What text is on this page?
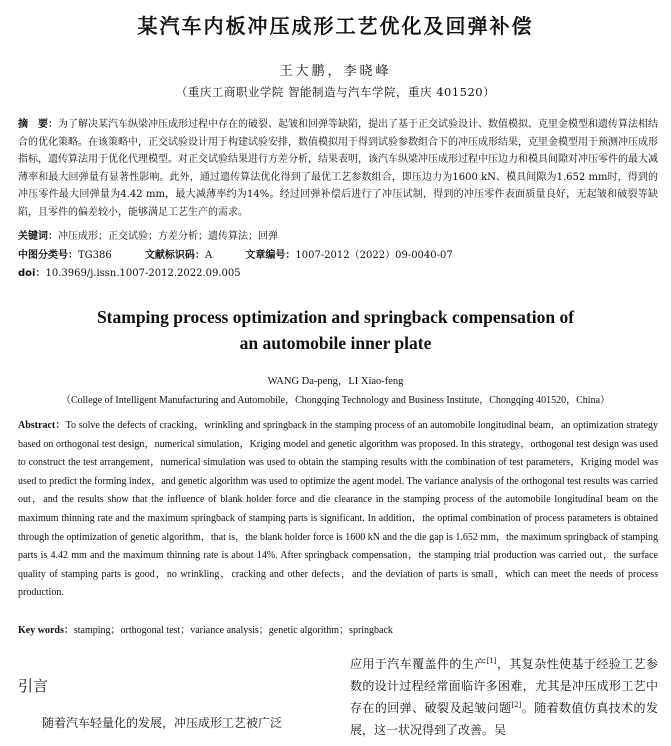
某汽车内板冲压成形工艺优化及回弹补偿
王大鹏，李晓峰
（重庆工商职业学院 智能制造与汽车学院，重庆 401520）
摘　要：为了解决某汽车纵梁冲压成形过程中存在的破裂、起皱和回弹等缺陷，提出了基于正交试验设计、数值模拟、克里金模型和遗传算法相结合的优化策略。在该策略中，正交试验设计用于构建试验安排，数值模拟用于得到试验参数组合下的冲压成形结果，克里金模型用于预测冲压成形指标，遗传算法用于优化代理模型。对正交试验结果进行方差分析，结果表明，该汽车纵梁冲压成形过程中压边力和模具间隙对冲压零件的最大减薄率和最大回弹量有显著性影响。此外，通过遗传算法优化得到了最优工艺参数组合，即压边力为1600 kN、模具间隙为1.652 mm时，得到的冲压零件最大回弹量为4.42 mm，最大减薄率约为14%。经过回弹补偿后进行了冲压试制，得到的冲压零件表面质量良好，无起皱和破裂等缺陷，且零件的偏差较小，能够满足工艺生产的需求。
关键词：冲压成形；正交试验；方差分析；遗传算法；回弹
中图分类号：TG386	文献标识码：A	文章编号：1007-2012（2022）09-0040-07
doi：10.3969/j.issn.1007-2012.2022.09.005
Stamping process optimization and springback compensation of
an automobile inner plate
WANG Da-peng，LI Xiao-feng
（College of Intelligent Manufacturing and Automobile，Chongqing Technology and Business Institute，Chongqing 401520，China）
Abstract：To solve the defects of cracking，wrinkling and springback in the stamping process of an automobile longitudinal beam，an optimization strategy based on orthogonal test design，numerical simulation，Kriging model and genetic algorithm was proposed. In this strategy，orthogonal test design was used to construct the test arrangement，numerical simulation was used to obtain the stamping results with the combination of test parameters，Kriging model was used to predict the forming index，and genetic algorithm was used to optimize the agent model. The variance analysis of the orthogonal test results was carried out，and the results show that the influence of blank holder force and die clearance in the stamping process of the automobile longitudinal beam on the maximum thinning rate and the maximum springback of stamping parts is significant. In addition，the optimal combination of process parameters is obtained through the optimization of genetic algorithm，that is，the blank holder force is 1600 kN and the die gap is 1.652 mm，the maximum springback of stamping parts is 4.42 mm and the maximum thinning rate is about 14%. After springback compensation，the stamping trial production was carried out，the surface quality of stamping parts is good，no wrinkling，cracking and other defects，and the deviation of parts is small，which can meet the needs of process production.
Key words：stamping；orthogonal test；variance analysis；genetic algorithm；springback
引言
随着汽车轻量化的发展，冲压成形工艺被广泛
应用于汽车覆盖件的生产[1]，其复杂性使基于经验工艺参数的设计过程经常面临许多困难，尤其是冲压成形工艺中存在的回弹、破裂及起皱问题[2]。随着数值仿真技术的发展，这一状况得到了改善。吴
